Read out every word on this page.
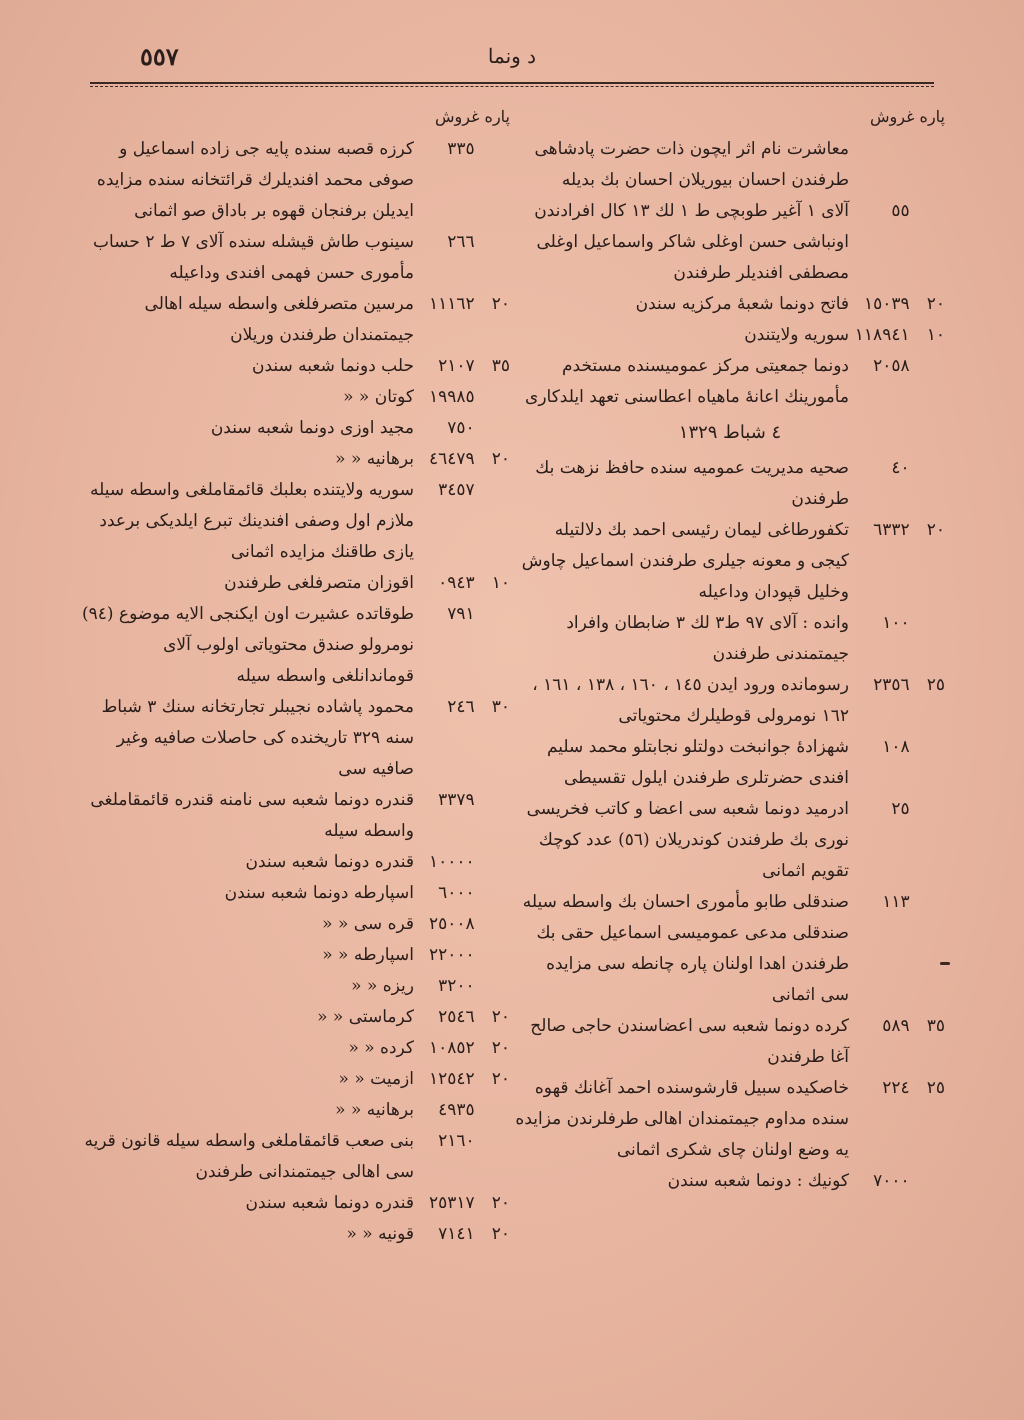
د ونما
٥٥٧
پاره غروش
معاشرت نام اثر ایچون ذات حضرت پادشاهی طرفندن احسان بیوریلان احسان بك بدیله
٥٥
آلای ١ آغیر طوبچی ط ١ لك ١٣ کال افرادندن اونباشی حسن اوغلی شاکر واسماعیل اوغلی مصطفی افندیلر طرفندن
٢٠ ١٥٠٣٩
فاتح دونما شعبهٔ مرکزیه سندن
١٠ ١١٨٩٤١
سوریه ولایتندن
٢٠٥٨
دونما جمعیتی مرکز عمومیسنده مستخدم مأمورینك اعانهٔ ماهیاه اعطاسنی تعهد ایلدکاری
٤ شباط ١٣٢٩
٤٠
صحیه مدیریت عمومیه سنده حافظ نزهت بك طرفندن
٢٠ ٦٣٣٢
تکفورطاغی لیمان رئیسی احمد بك دلالتیله کیجی و معونه جیلری طرفندن اسماعیل چاوش وخلیل قپودان وداعیله
١٠٠
وانده : آلای ٩٧ ط٣ لك ٣ ضابطان وافراد جیمتمندنی طرفندن
٢٥ ٢٣٥٦
رسومانده ورود ایدن ١٤٥ ، ١٦٠ ، ١٣٨ ، ١٦١ ، ١٦٢ نومرولی قوطیلرك محتویاتی
١٠٨
شهزادهٔ جوانبخت دولتلو نجابتلو محمد سلیم افندی حضرتلری طرفندن ایلول تقسیطی
٢٥
ادرمید دونما شعبه سی اعضا و کاتب فخریسی نوری بك طرفندن کوندریلان (٥٦) عدد کوچك تقویم اثمانی
١١٣
صندقلی طابو مأموری احسان بك واسطه سیله صندقلی مدعی عمومیسی اسماعیل حقی بك طرفندن اهدا اولنان پاره چانطه سی مزایده سی اثمانی
٣٥ ٥٨٩
کرده دونما شعبه سی اعضاسندن حاجی صالح آغا طرفندن
٢٥ ٢٢٤
خاصکیده سبیل قارشوسنده احمد آغانك قهوه سنده مداوم جیمتمندان اهالی طرفلرندن مزایده یه وضع اولنان چای شکری اثمانی
٧٠٠٠
کونیك : دونما شعبه سندن
پاره غروش
٣٣٥
کرزه قصبه سنده پایه جی زاده اسماعیل و صوفی محمد افندیلرك قرائتخانه سنده مزایده ایدیلن برفنجان قهوه بر باداق صو اثمانی
٢٦٦
سینوب طاش قیشله سنده آلای ٧ ط ٢ حساب مأموری حسن فهمی افندی وداعیله
٢٠ ١١١٦٢
مرسین متصرفلغی واسطه سیله اهالی جیمتمندان طرفندن وریلان
٣٥ ٢١٠٧
حلب دونما شعبه سندن
١٩٩٨٥
کوتان « «
٧٥٠
مجید اوزی دونما شعبه سندن
٢٠ ٤٦٤٧٩
برهانیه « «
٣٤٥٧
سوریه ولایتنده بعلبك قائمقاملغی واسطه سیله ملازم اول وصفی افندینك تبرع ایلدیکی برعدد یازی طاقنك مزایده اثمانی
١٠ ٠٩٤٣
اقوزان متصرفلغی طرفندن
٧٩١
طوقاتده عشیرت اون ایکنجی الایه موضوع (٩٤) نومرولو صندق محتویاتی اولوب آلای قوماندانلغی واسطه سیله
٣٠ ٢٤٦
محمود پاشاده نجیبلر تجارتخانه سنك ٣ شباط سنه ٣٢٩ تاریخنده کی حاصلات صافیه وغیر صافیه سی
٣٣٧٩
قندره دونما شعبه سی نامنه قندره قائمقاملغی واسطه سیله
١٠٠٠٠
قندره دونما شعبه سندن
٦٠٠٠
اسپارطه دونما شعبه سندن
٢٥٠٠٨
قره سی « «
٢٢٠٠٠
اسپارطه « «
٣٢٠٠
ریزه « «
٢٠ ٢٥٤٦
کرماستی « «
٢٠ ١٠٨٥٢
کرده « «
٢٠ ١٢٥٤٢
ازمیت « «
٤٩٣٥
برهانیه « «
٢١٦٠
بنی صعب قائمقاملغی واسطه سیله قانون قریه سی اهالی جیمتمندانی طرفندن
٢٠ ٢٥٣١٧
قندره دونما شعبه سندن
٢٠ ٧١٤١
قونیه « «
